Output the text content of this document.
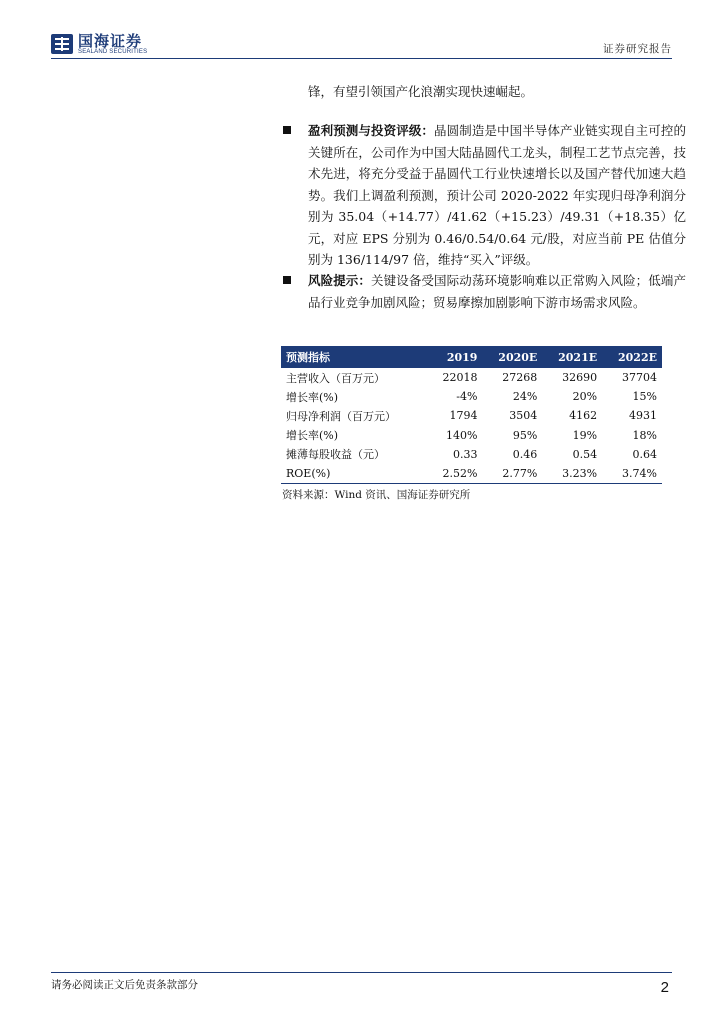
国海证券
SEALAND SECURITIES	证券研究报告
锋，有望引领国产化浪潮实现快速崛起。
盈利预测与投资评级：晶圆制造是中国半导体产业链实现自主可控的关键所在，公司作为中国大陆晶圆代工龙头，制程工艺节点完善，技术先进，将充分受益于晶圆代工行业快速增长以及国产替代加速大趋势。我们上调盈利预测，预计公司 2020-2022 年实现归母净利润分别为 35.04（+14.77）/41.62（+15.23）/49.31（+18.35）亿元，对应 EPS 分别为 0.46/0.54/0.64 元/股，对应当前 PE 估值分别为 136/114/97 倍，维持“买入”评级。
风险提示：关键设备受国际动荡环境影响难以正常购入风险；低端产品行业竞争加剧风险；贸易摩擦加剧影响下游市场需求风险。
预测指标	2019	2020E	2021E	2022E
主营收入（百万元）	22018	27268	32690	37704
增长率(%)	-4%	24%	20%	15%
归母净利润（百万元）	1794	3504	4162	4931
增长率(%)	140%	95%	19%	18%
摊薄每股收益（元）	0.33	0.46	0.54	0.64
ROE(%)	2.52%	2.77%	3.23%	3.74%
资料来源：Wind 资讯、国海证券研究所
请务必阅读正文后免责条款部分	2
